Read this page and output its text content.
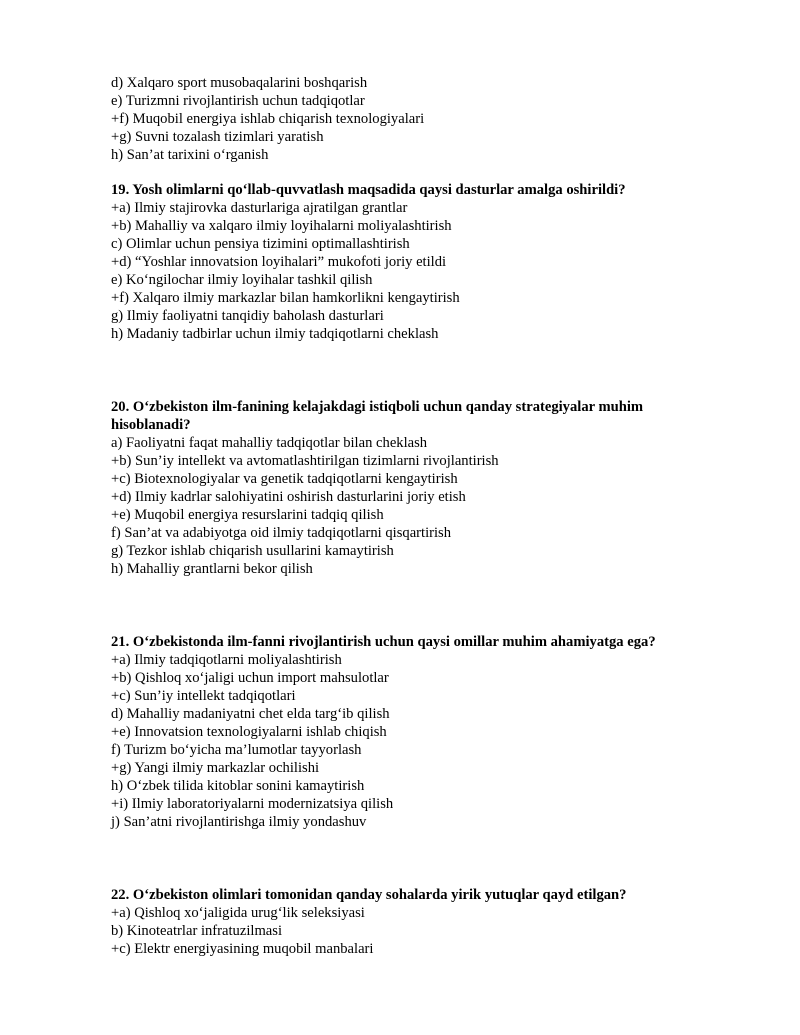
d) Xalqaro sport musobaqalarini boshqarish
e) Turizmni rivojlantirish uchun tadqiqotlar
+f) Muqobil energiya ishlab chiqarish texnologiyalari
+g) Suvni tozalash tizimlari yaratish
h) San’at tarixini o‘rganish

19. Yosh olimlarni qo‘llab-quvvatlash maqsadida qaysi dasturlar amalga oshirildi?

+a) Ilmiy stajirovka dasturlariga ajratilgan grantlar
+b) Mahalliy va xalqaro ilmiy loyihalarni moliyalashtirish
c) Olimlar uchun pensiya tizimini optimallashtirish
+d) “Yoshlar innovatsion loyihalari” mukofoti joriy etildi
e) Ko‘ngilochar ilmiy loyihalar tashkil qilish
+f) Xalqaro ilmiy markazlar bilan hamkorlikni kengaytirish
g) Ilmiy faoliyatni tanqidiy baholash dasturlari
h) Madaniy tadbirlar uchun ilmiy tadqiqotlarni cheklash

20. O‘zbekiston ilm-fanining kelajakdagi istiqboli uchun qanday strategiyalar muhim hisoblanadi?

a) Faoliyatni faqat mahalliy tadqiqotlar bilan cheklash
+b) Sun’iy intellekt va avtomatlashtirilgan tizimlarni rivojlantirish
+c) Biotexnologiyalar va genetik tadqiqotlarni kengaytirish
+d) Ilmiy kadrlar salohiyatini oshirish dasturlarini joriy etish
+e) Muqobil energiya resurslarini tadqiq qilish
f) San’at va adabiyotga oid ilmiy tadqiqotlarni qisqartirish
g) Tezkor ishlab chiqarish usullarini kamaytirish
h) Mahalliy grantlarni bekor qilish

21. O‘zbekistonda ilm-fanni rivojlantirish uchun qaysi omillar muhim ahamiyatga ega?

+a) Ilmiy tadqiqotlarni moliyalashtirish
+b) Qishloq xo‘jaligi uchun import mahsulotlar
+c) Sun’iy intellekt tadqiqotlari
d) Mahalliy madaniyatni chet elda targ‘ib qilish
+e) Innovatsion texnologiyalarni ishlab chiqish
f) Turizm bo‘yicha ma’lumotlar tayyorlash
+g) Yangi ilmiy markazlar ochilishi
h) O‘zbek tilida kitoblar sonini kamaytirish
+i) Ilmiy laboratoriyalarni modernizatsiya qilish
j) San’atni rivojlantirishga ilmiy yondashuv

22. O‘zbekiston olimlari tomonidan qanday sohalarda yirik yutuqlar qayd etilgan?

+a) Qishloq xo‘jaligida urug‘lik seleksiyasi
b) Kinoteatrlar infratuzilmasi
+c) Elektr energiyasining muqobil manbalari
